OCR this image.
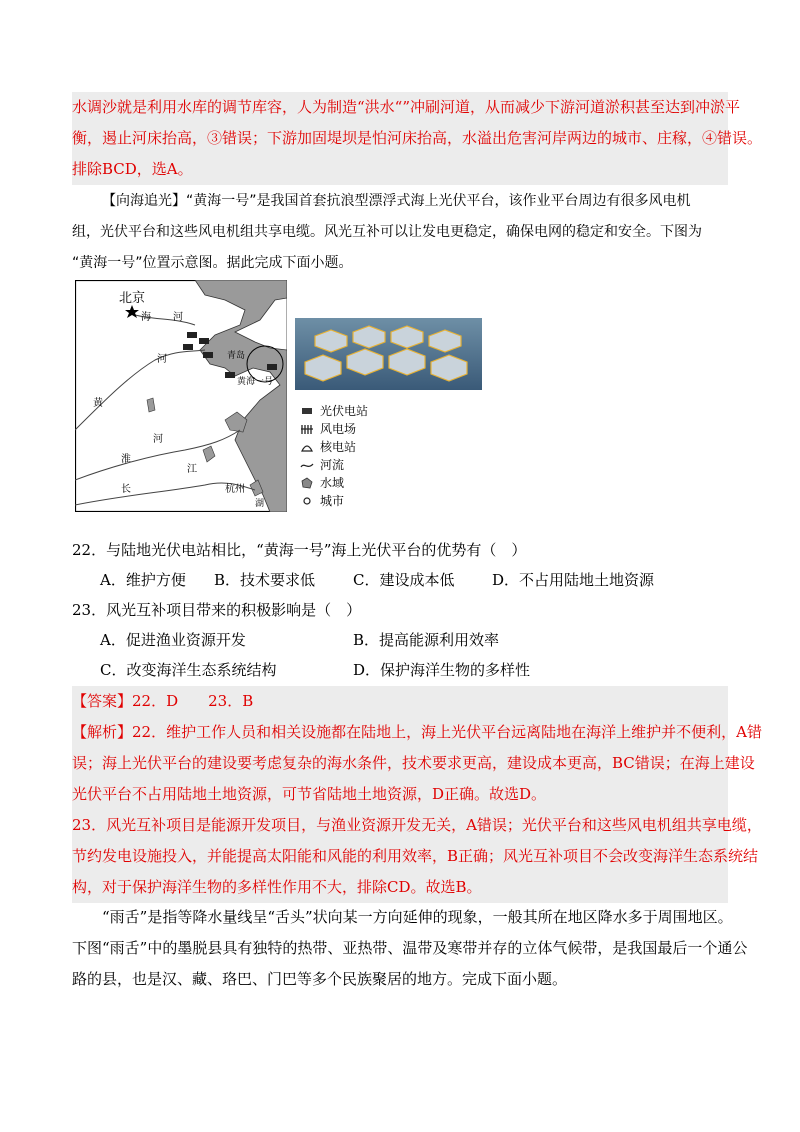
水调沙就是利用水库的调节库容，人为制造“洪水“”冲刷河道，从而减少下游河道淤积甚至达到冲淤平
衡，遏止河床抬高，③错误；下游加固堤坝是怕河床抬高，水溢出危害河岸两边的城市、庄稼，④错误。
排除BCD，选A。
【向海追光】“黄海一号”是我国首套抗浪型漂浮式海上光伏平台，该作业平台周边有很多风电机
组，光伏平台和这些风电机组共享电缆。风光互补可以让发电更稳定，确保电网的稳定和安全。下图为
“黄海一号”位置示意图。据此完成下面小题。
北京
海 河
河
黄
青岛
黄海一号
河
淮
江
长	杭州
湖
光伏电站
风电场
核电站
河流
水域
城市
22．与陆地光伏电站相比，“黄海一号”海上光伏平台的优势有（　）
A．维护方便 B．技术要求低	C．建设成本低	D．不占用陆地土地资源
23．风光互补项目带来的积极影响是（　）
A．促进渔业资源开发	B．提高能源利用效率
C．改变海洋生态系统结构	D．保护海洋生物的多样性
【答案】22．D　　23．B
【解析】22．维护工作人员和相关设施都在陆地上，海上光伏平台远离陆地在海洋上维护并不便利，A错
误；海上光伏平台的建设要考虑复杂的海水条件，技术要求更高，建设成本更高，BC错误；在海上建设
光伏平台不占用陆地土地资源，可节省陆地土地资源，D正确。故选D。
23．风光互补项目是能源开发项目，与渔业资源开发无关，A错误；光伏平台和这些风电机组共享电缆，
节约发电设施投入，并能提高太阳能和风能的利用效率，B正确；风光互补项目不会改变海洋生态系统结
构，对于保护海洋生物的多样性作用不大，排除CD。故选B。
“雨舌”是指等降水量线呈“舌头”状向某一方向延伸的现象，一般其所在地区降水多于周围地区。
下图“雨舌”中的墨脱县具有独特的热带、亚热带、温带及寒带并存的立体气候带，是我国最后一个通公
路的县，也是汉、藏、珞巴、门巴等多个民族聚居的地方。完成下面小题。
